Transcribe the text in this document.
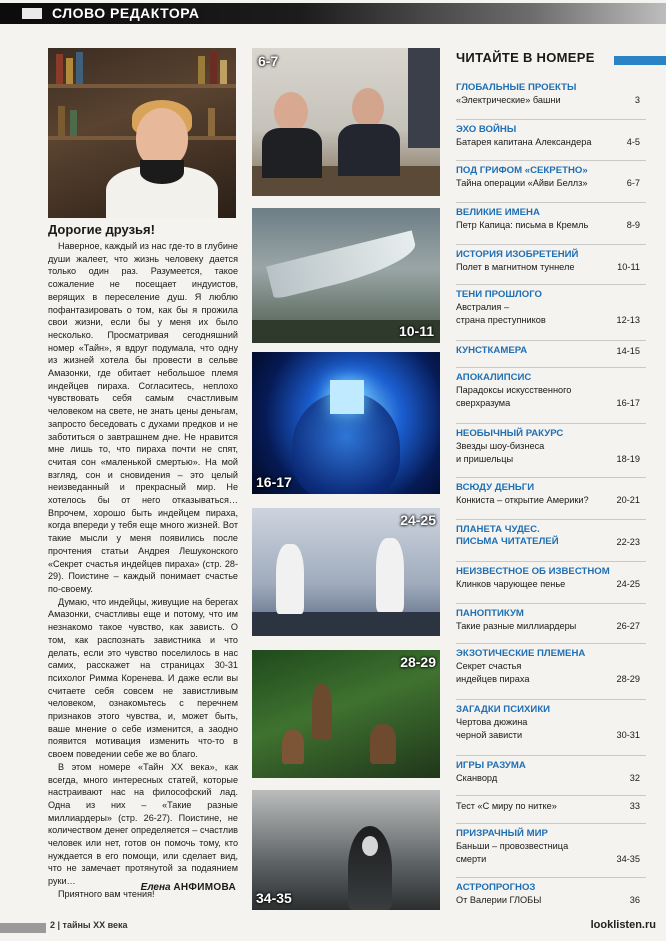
СЛОВО РЕДАКТОРА

Дорогие друзья!

Наверное, каждый из нас где-то в глубине души жалеет, что жизнь человеку дается только один раз. Разумеется, такое сожаление не посещает индуистов, верящих в переселение душ. Я люблю пофантазировать о том, как бы я прожила свои жизни, если бы у меня их было несколько. Просматривая сегодняшний номер «Тайн», я вдруг подумала, что одну из жизней хотела бы провести в сельве Амазонки, где обитает небольшое племя индейцев пираха. Согласитесь, неплохо чувствовать себя самым счастливым человеком на свете, не знать цены деньгам, запросто беседовать с духами предков и не заботиться о завтрашнем дне. Не нравится мне лишь то, что пираха почти не спят, считая сон «маленькой смертью». На мой взгляд, сон и сновидения – это целый неизведанный и прекрасный мир. Не хотелось бы от него отказываться… Впрочем, хорошо быть индейцем пираха, когда впереди у тебя еще много жизней. Вот такие мысли у меня появились после прочтения статьи Андрея Лешуконского «Секрет счастья индейцев пираха» (стр. 28-29). Поистине – каждый понимает счастье по-своему.

Думаю, что индейцы, живущие на берегах Амазонки, счастливы еще и потому, что им незнакомо такое чувство, как зависть. О том, как распознать завистника и что делать, если это чувство поселилось в нас самих, расскажет на страницах 30-31 психолог Римма Коренева. И даже если вы считаете себя совсем не завистливым человеком, ознакомьтесь с перечнем признаков этого чувства, и, может быть, ваше мнение о себе изменится, а заодно появится мотивация изменить что-то в своем поведении себе же во благо.

В этом номере «Тайн XX века», как всегда, много интересных статей, которые настраивают нас на философский лад. Одна из них – «Такие разные миллиардеры» (стр. 26-27). Поистине, не количеством денег определяется – счастлив человек или нет, готов он помочь тому, кто нуждается в его помощи, или сделает вид, что не замечает протянутой за подаянием руки…

Приятного вам чтения!

Елена АНФИМОВА
6-7
10-11
16-17
24-25
28-29
34-35
ЧИТАЙТЕ В НОМЕРЕ
ГЛОБАЛЬНЫЕ ПРОЕКТЫ
«Электрические» башни	3
ЭХО ВОЙНЫ
Батарея капитана Александера	4-5
ПОД ГРИФОМ «СЕКРЕТНО»
Тайна операции «Айви Беллз»	6-7
ВЕЛИКИЕ ИМЕНА
Петр Капица: письма в Кремль	8-9
ИСТОРИЯ ИЗОБРЕТЕНИЙ
Полет в магнитном туннеле	10-11
ТЕНИ ПРОШЛОГО
Австралия –
страна преступников	12-13
КУНСТКАМЕРА
	14-15
АПОКАЛИПСИС
Парадоксы искусственного
сверхразума	16-17
НЕОБЫЧНЫЙ РАКУРС
Звезды шоу-бизнеса
и пришельцы	18-19
ВСЮДУ ДЕНЬГИ
Конкиста – открытие Америки?	20-21
ПЛАНЕТА ЧУДЕС.
ПИСЬМА ЧИТАТЕЛЕЙ
	22-23
НЕИЗВЕСТНОЕ ОБ ИЗВЕСТНОМ
Клинков чарующее пенье	24-25
ПАНОПТИКУМ
Такие разные миллиардеры	26-27
ЭКЗОТИЧЕСКИЕ ПЛЕМЕНА
Секрет счастья
индейцев пираха	28-29
ЗАГАДКИ ПСИХИКИ
Чертова дюжина
черной зависти	30-31
ИГРЫ РАЗУМА
Сканворд	32
Тест «С миру по нитке»	33
ПРИЗРАЧНЫЙ МИР
Баньши – провозвестница
смерти	34-35
АСТРОПРОГНОЗ
От Валерии ГЛОБЫ	36
2 | тайны XX века	looklisten.ru
